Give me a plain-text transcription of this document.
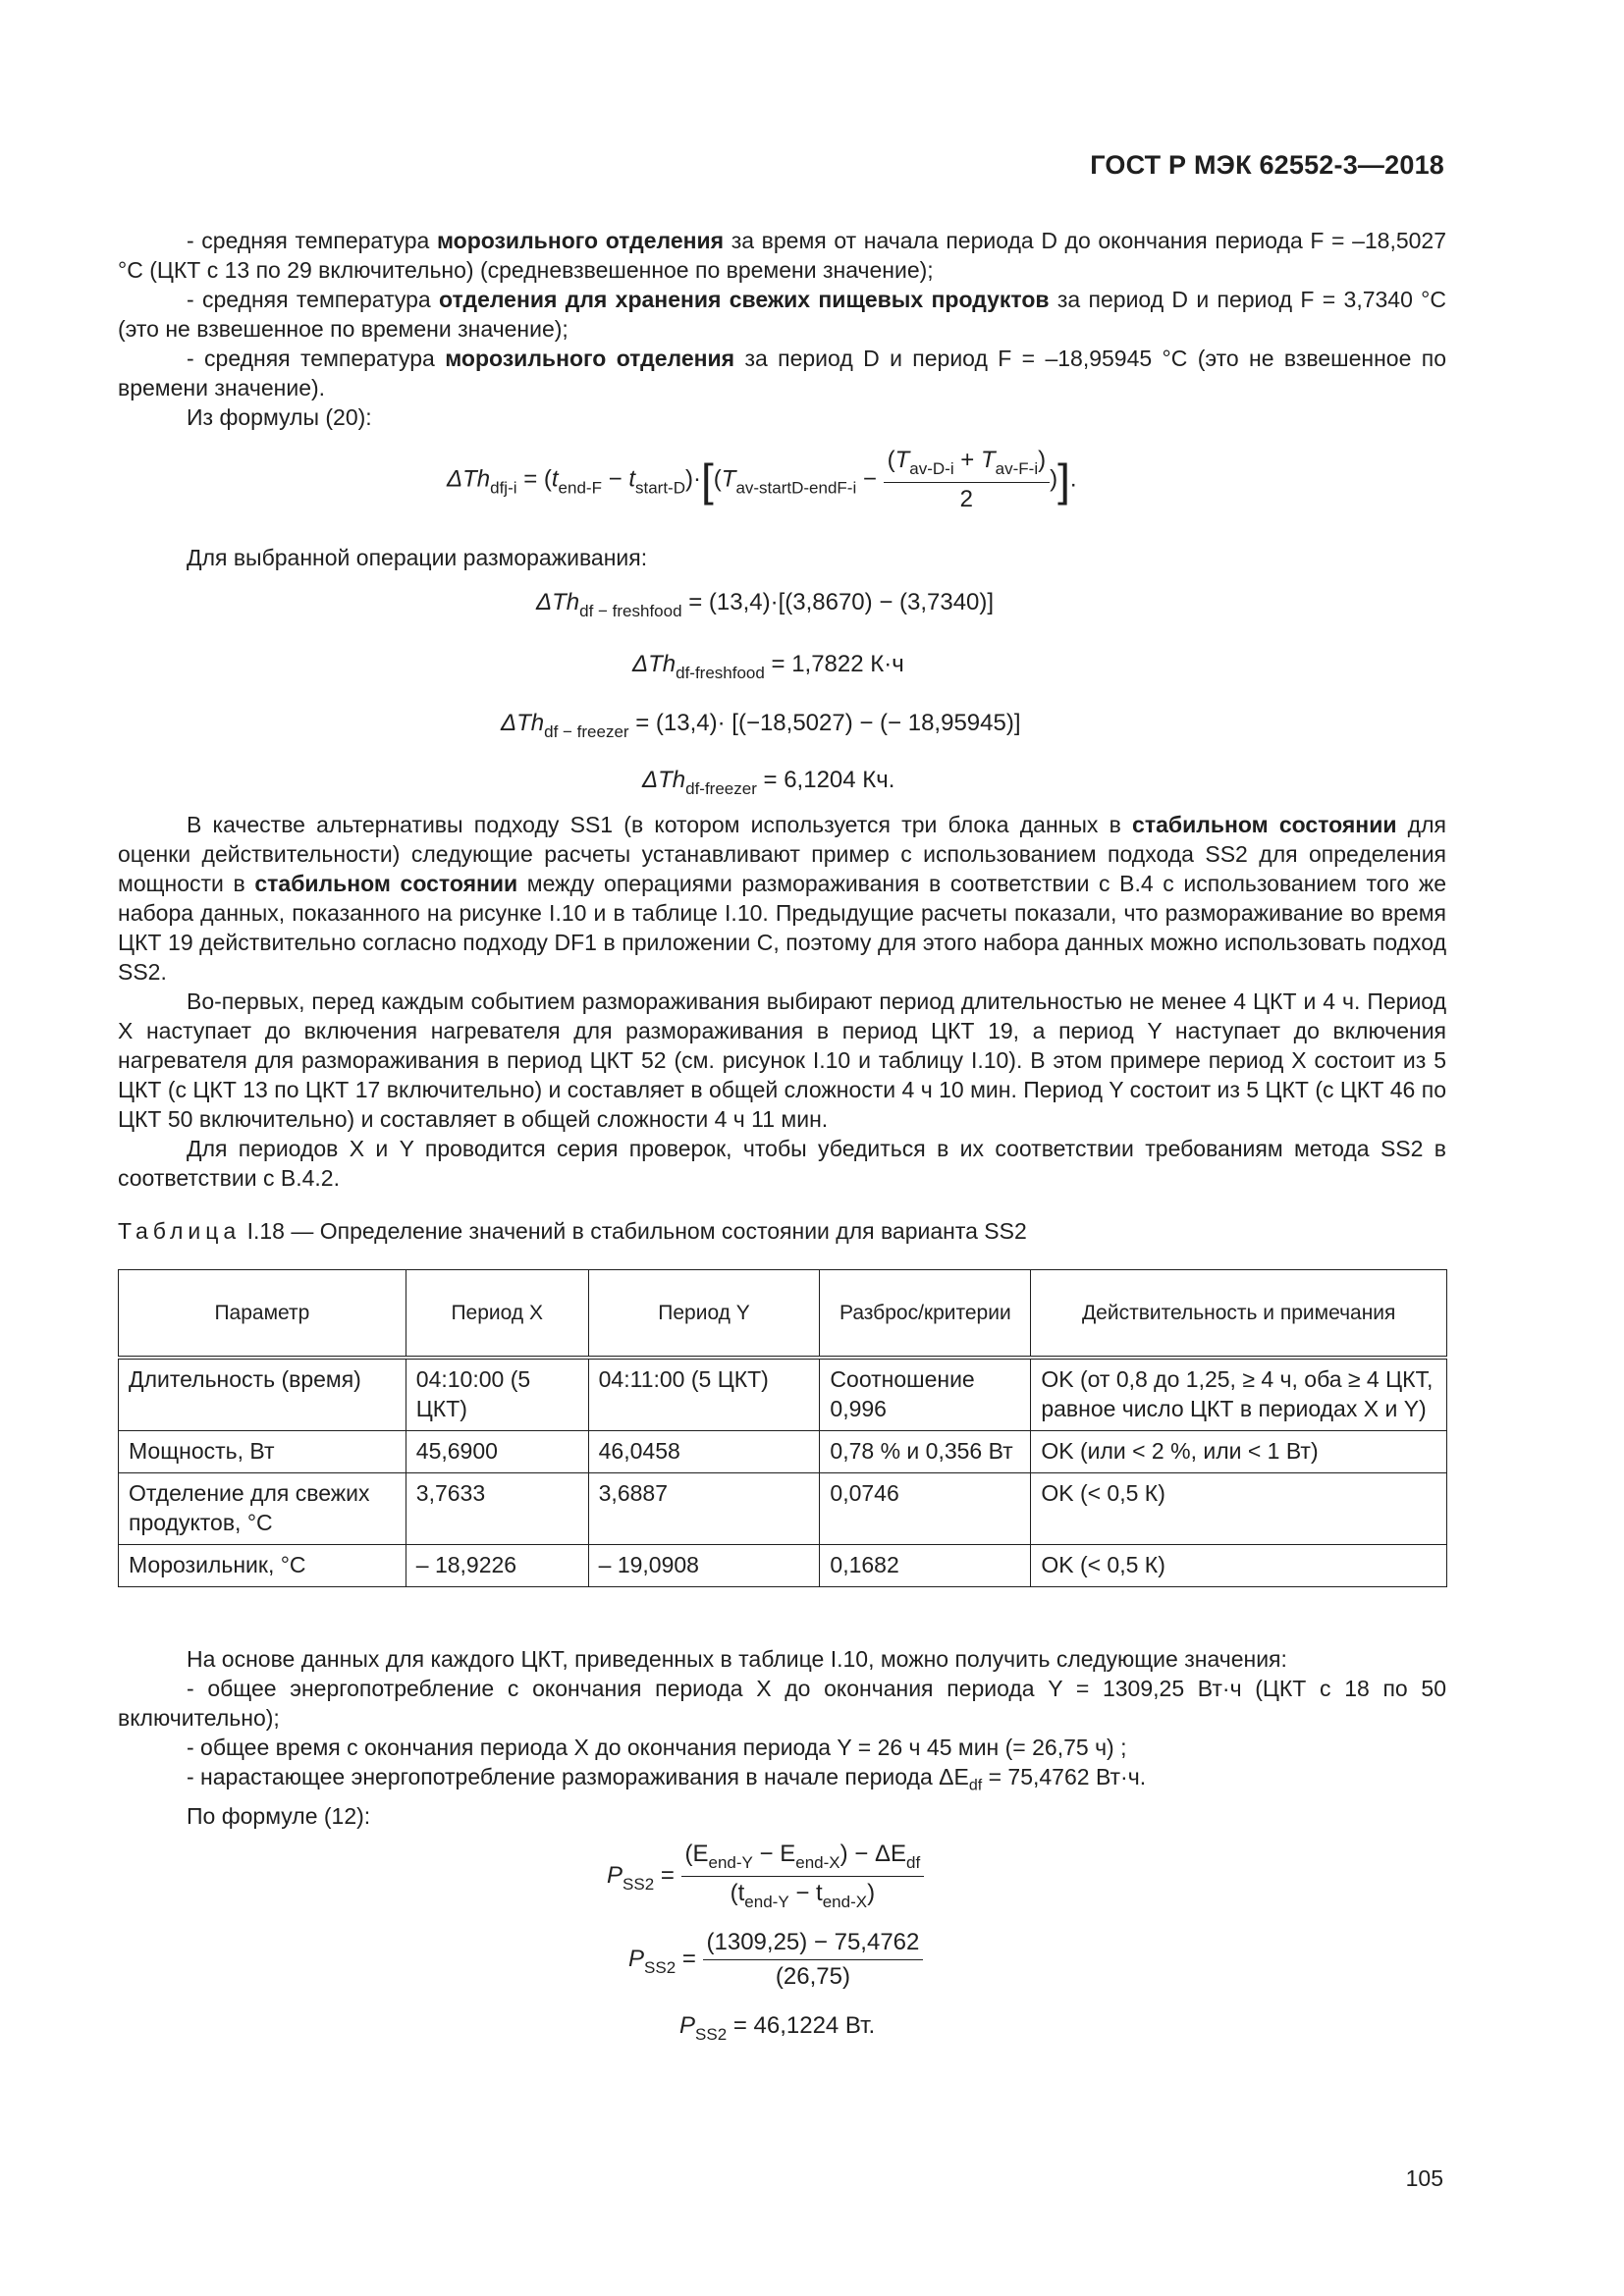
ГОСТ Р МЭК 62552-3—2018

- средняя температура морозильного отделения за время от начала периода D до окончания периода F = –18,5027 °С (ЦКТ с 13 по 29 включительно) (средневзвешенное по времени значение);

- средняя температура отделения для хранения свежих пищевых продуктов за период D и период F = 3,7340 °С (это не взвешенное по времени значение);

- средняя температура морозильного отделения за период D и период F = –18,95945 °С (это не взвешенное по времени значение).

Из формулы (20):

$\Delta Th_{dfj-i} = (t_{end-F} - t_{start-D})\cdot[(T_{av-startD-endF-i} - \frac{(T_{av-D-i} + T_{av-F-i})}{2}$ )].

Для выбранной операции размораживания:

ΔTh$_{df - freshfood}$ = (13,4)·[(3,8670) − (3,7340)]
ΔTh$_{df-freshfood}$ = 1,7822 К·ч
ΔTh$_{df - freezer}$ = (13,4)· [(−18,5027) − (− 18,95945)]
ΔTh$_{df-freezer}$ = 6,1204 Кч.

В качестве альтернативы подходу SS1 (в котором используется три блока данных в стабильном состоянии для оценки действительности) следующие расчеты устанавливают пример с использованием подхода SS2 для определения мощности в стабильном состоянии между операциями размораживания в соответствии с В.4 с использованием того же набора данных, показанного на рисунке I.10 и в таблице I.10. Предыдущие расчеты показали, что размораживание во время ЦКТ 19 действительно согласно подходу DF1 в приложении С, поэтому для этого набора данных можно использовать подход SS2.

Во-первых, перед каждым событием размораживания выбирают период длительностью не менее 4 ЦКТ и 4 ч. Период X наступает до включения нагревателя для размораживания в период ЦКТ 19, а период Y наступает до включения нагревателя для размораживания в период ЦКТ 52 (см. рисунок I.10 и таблицу I.10). В этом примере период X состоит из 5 ЦКТ (с ЦКТ 13 по ЦКТ 17 включительно) и составляет в общей сложности 4 ч 10 мин. Период Y состоит из 5 ЦКТ (с ЦКТ 46 по ЦКТ 50 включительно) и составляет в общей сложности 4 ч 11 мин.

Для периодов X и Y проводится серия проверок, чтобы убедиться в их соответствии требованиям метода SS2 в соответствии с В.4.2.

Таблица I.18 — Определение значений в стабильном состоянии для варианта SS2
Параметр	Период X	Период Y	Разброс/критерии	Действительность и примечания
Длительность (время)	04:10:00 (5 ЦКТ)	04:11:00 (5 ЦКТ)	Соотношение 0,996	OK (от 0,8 до 1,25, ≥ 4 ч, оба ≥ 4 ЦКТ, равное число ЦКТ в периодах X и Y)
Мощность, Вт	45,6900	46,0458	0,78 % и 0,356 Вт	OK (или < 2 %, или < 1 Вт)
Отделение для свежих продуктов, °С	3,7633	3,6887	0,0746	OK (< 0,5 К)
Морозильник, °С	– 18,9226	– 19,0908	0,1682	OK (< 0,5 К)

На основе данных для каждого ЦКТ, приведенных в таблице I.10, можно получить следующие значения:

- общее энергопотребление с окончания периода X до окончания периода Y = 1309,25 Вт·ч (ЦКТ с 18 по 50 включительно);

- общее время с окончания периода X до окончания периода Y = 26 ч 45 мин (= 26,75 ч) ;

- нарастающее энергопотребление размораживания в начале периода $\Delta E_{df} = 75,4762$ Вт·ч.

По формуле (12):

$P_{SS2} = \frac{(E_{end-Y} - E_{end-X}) - \Delta E_{df}}{(t_{end-Y} - t_{end-X})}$
$P_{SS2} = \frac{(1309,25) - 75,4762}{(26,75)}$
$P_{SS2} = 46,1224$ Вт.
105
